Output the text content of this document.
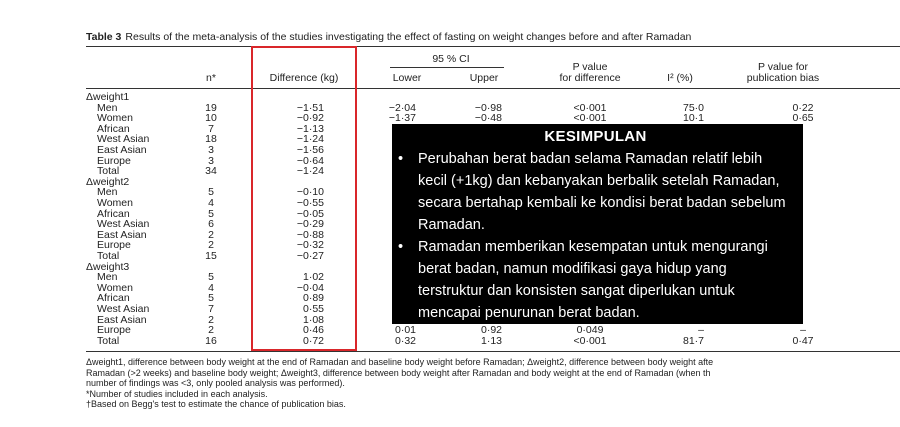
Table 3 Results of the meta-analysis of the studies investigating the effect of fasting on weight changes before and after Ramadan
95 % CI
n*	Difference (kg)	Lower	Upper
P value
for difference	I² (%)
P value for
publication bias
Δweight1
Men	19	−1·51	−2·04	−0·98	<0·001	75·0	0·22
Women	10	−0·92	−1·37	−0·48	<0·001	10·1	0·65
African	7	−1·13
West Asian	18	−1·24
East Asian	3	−1·56
Europe	3	−0·64
Total	34	−1·24
Δweight2
Men	5	−0·10
Women	4	−0·55
African	5	−0·05
West Asian	6	−0·29
East Asian	2	−0·88
Europe	2	−0·32
Total	15	−0·27
Δweight3
Men	5	1·02
Women	4	−0·04
African	5	0·89
West Asian	7	0·55
East Asian	2	1·08
Europe	2	0·46	0·01	0·92	0·049	–	–
Total	16	0·72	0·32	1·13	<0·001	81·7	0·47
Δweight1, difference between body weight at the end of Ramadan and baseline body weight before Ramadan; Δweight2, difference between body weight afte
Ramadan (>2 weeks) and baseline body weight; Δweight3, difference between body weight after Ramadan and body weight at the end of Ramadan (when th
number of findings was <3, only pooled analysis was performed).
*Number of studies included in each analysis.
†Based on Begg's test to estimate the chance of publication bias.
KESIMPULAN
• Perubahan berat badan selama Ramadan relatif lebih kecil (+1kg) dan kebanyakan berbalik setelah Ramadan, secara bertahap kembali ke kondisi berat badan sebelum Ramadan.
• Ramadan memberikan kesempatan untuk mengurangi berat badan, namun modifikasi gaya hidup yang terstruktur dan konsisten sangat diperlukan untuk mencapai penurunan berat badan.
